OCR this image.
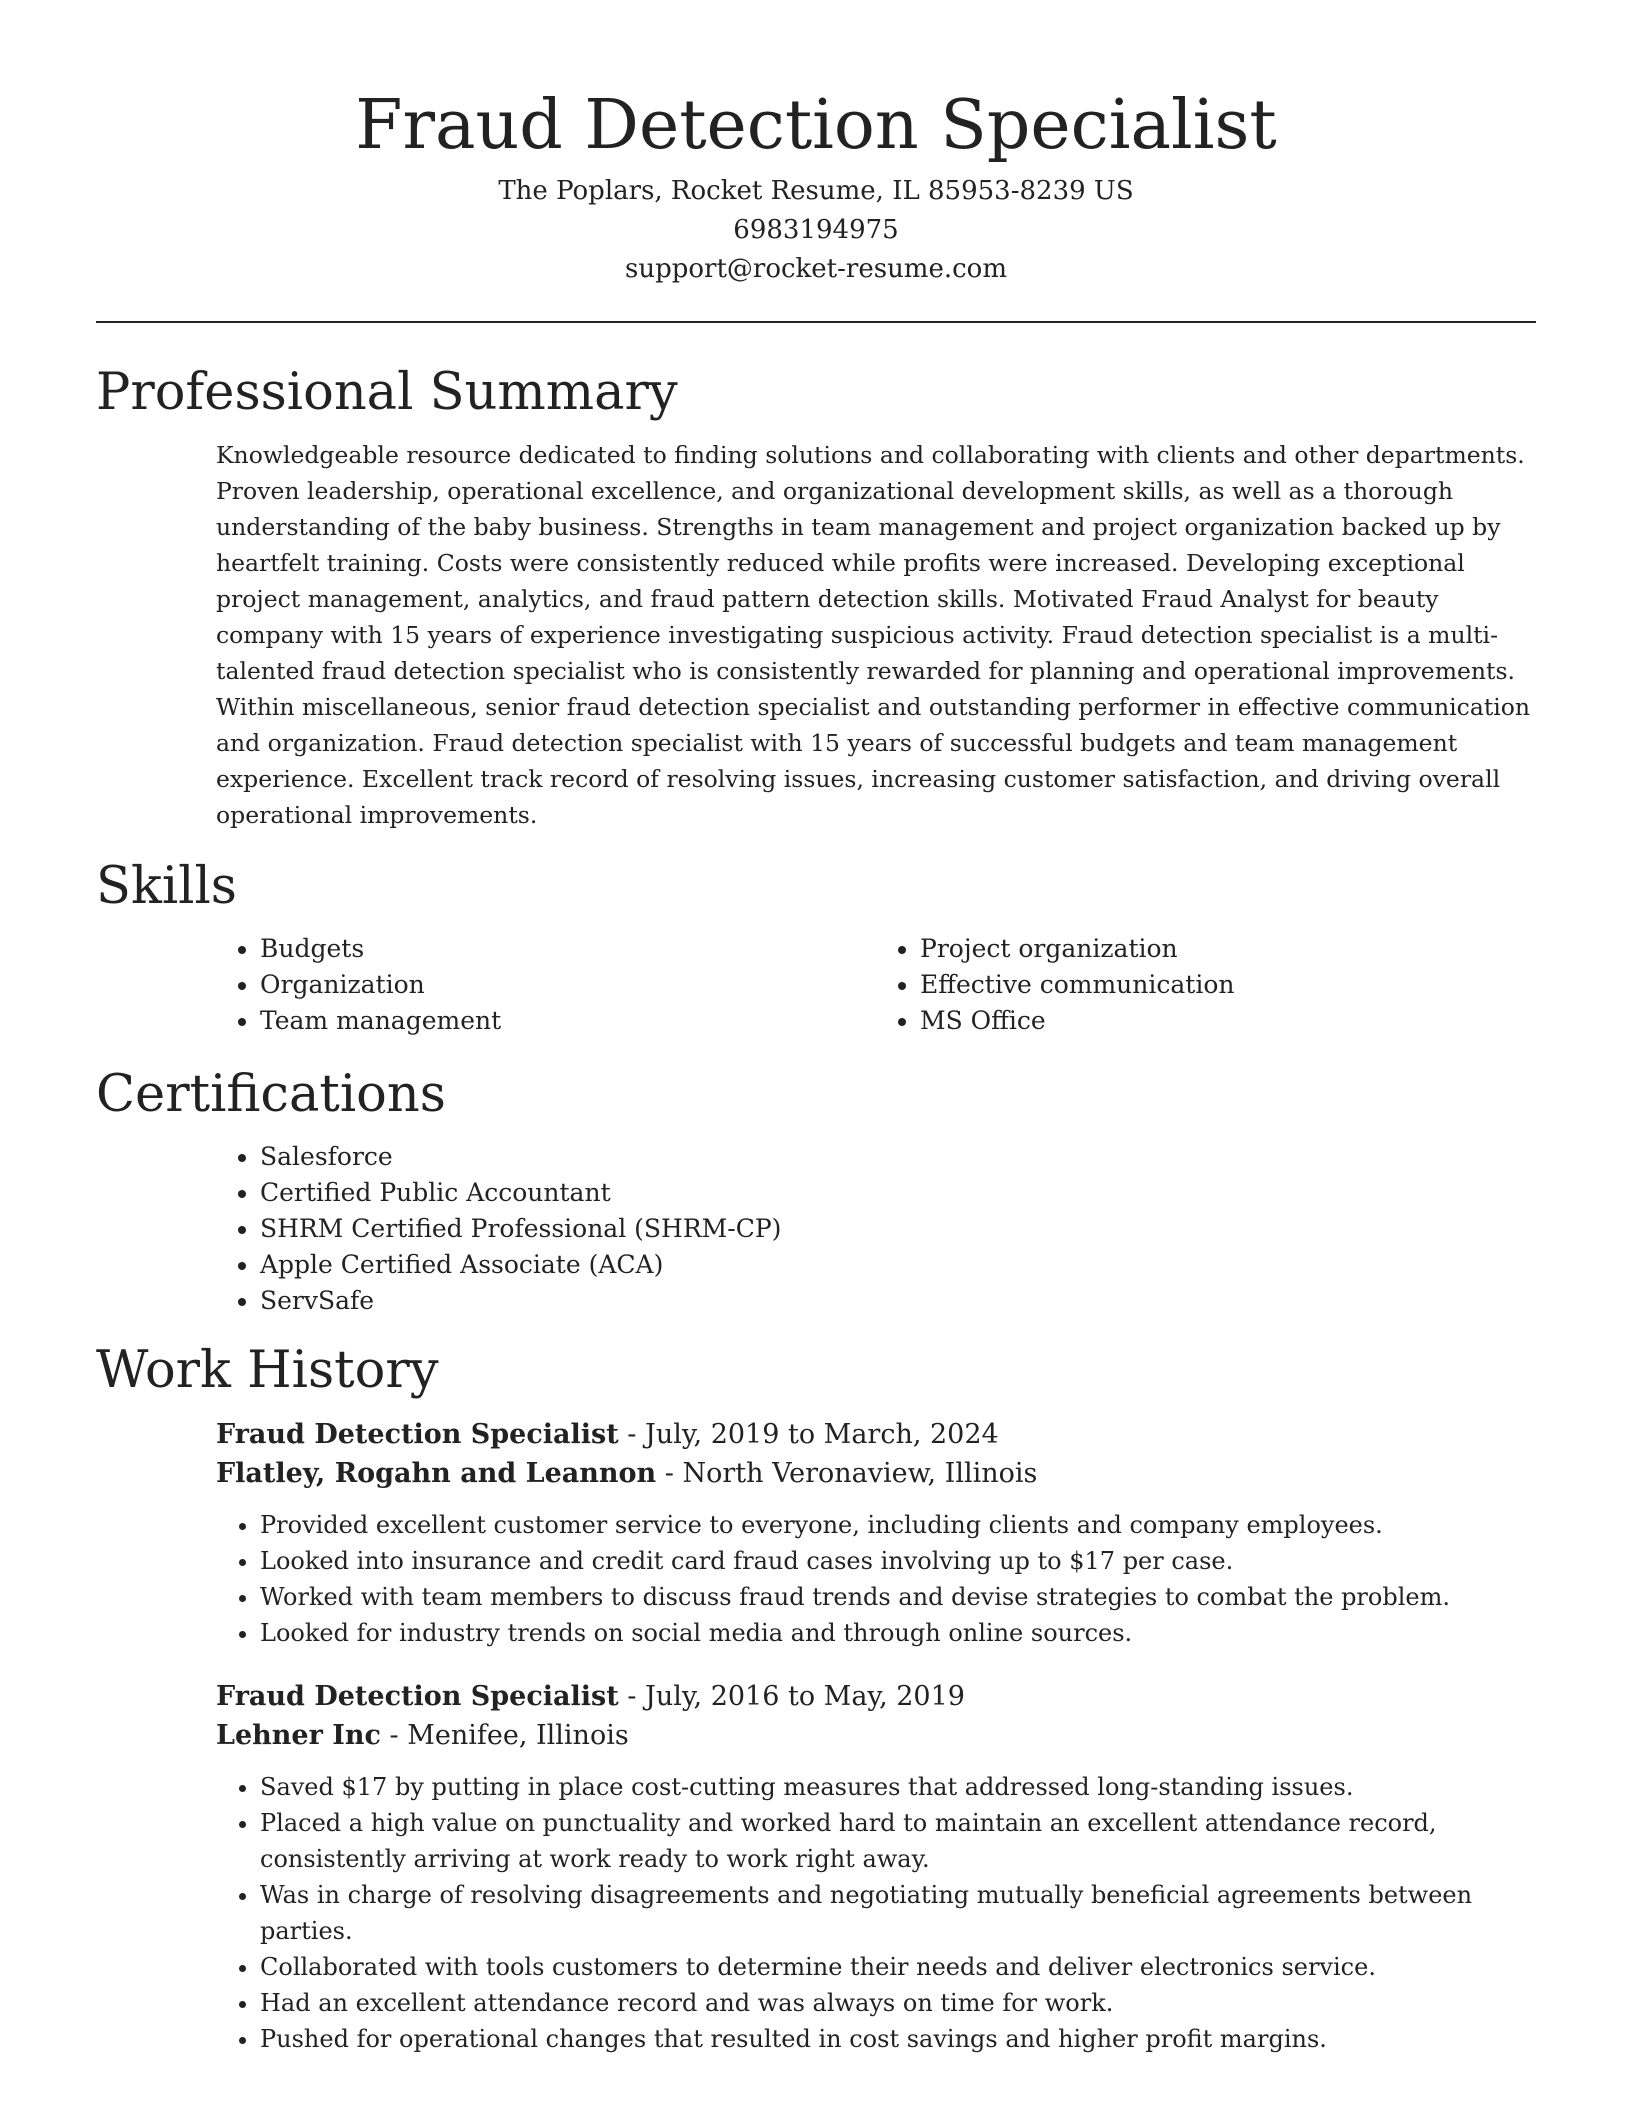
Fraud Detection Specialist

The Poplars, Rocket Resume, IL 85953-8239 US

6983194975

support@rocket-resume.com

Professional Summary

Knowledgeable resource dedicated to finding solutions and collaborating with clients and other departments. Proven leadership, operational excellence, and organizational development skills, as well as a thorough understanding of the baby business. Strengths in team management and project organization backed up by heartfelt training. Costs were consistently reduced while profits were increased. Developing exceptional project management, analytics, and fraud pattern detection skills. Motivated Fraud Analyst for beauty company with 15 years of experience investigating suspicious activity. Fraud detection specialist is a multi-talented fraud detection specialist who is consistently rewarded for planning and operational improvements. Within miscellaneous, senior fraud detection specialist and outstanding performer in effective communication and organization. Fraud detection specialist with 15 years of successful budgets and team management experience. Excellent track record of resolving issues, increasing customer satisfaction, and driving overall operational improvements.

Skills
• Budgets
• Organization
• Team management
• Project organization
• Effective communication
• MS Office
Certifications
• Salesforce
• Certified Public Accountant
• SHRM Certified Professional (SHRM-CP)
• Apple Certified Associate (ACA)
• ServSafe
Work History

Fraud Detection Specialist - July, 2019 to March, 2024

Flatley, Rogahn and Leannon - North Veronaview, Illinois

• Provided excellent customer service to everyone, including clients and company employees.
• Looked into insurance and credit card fraud cases involving up to $17 per case.
• Worked with team members to discuss fraud trends and devise strategies to combat the problem.
• Looked for industry trends on social media and through online sources.

Fraud Detection Specialist - July, 2016 to May, 2019

Lehner Inc - Menifee, Illinois

• Saved $17 by putting in place cost-cutting measures that addressed long-standing issues.
• Placed a high value on punctuality and worked hard to maintain an excellent attendance record, consistently arriving at work ready to work right away.
• Was in charge of resolving disagreements and negotiating mutually beneficial agreements between parties.
• Collaborated with tools customers to determine their needs and deliver electronics service.
• Had an excellent attendance record and was always on time for work.
• Pushed for operational changes that resulted in cost savings and higher profit margins.
